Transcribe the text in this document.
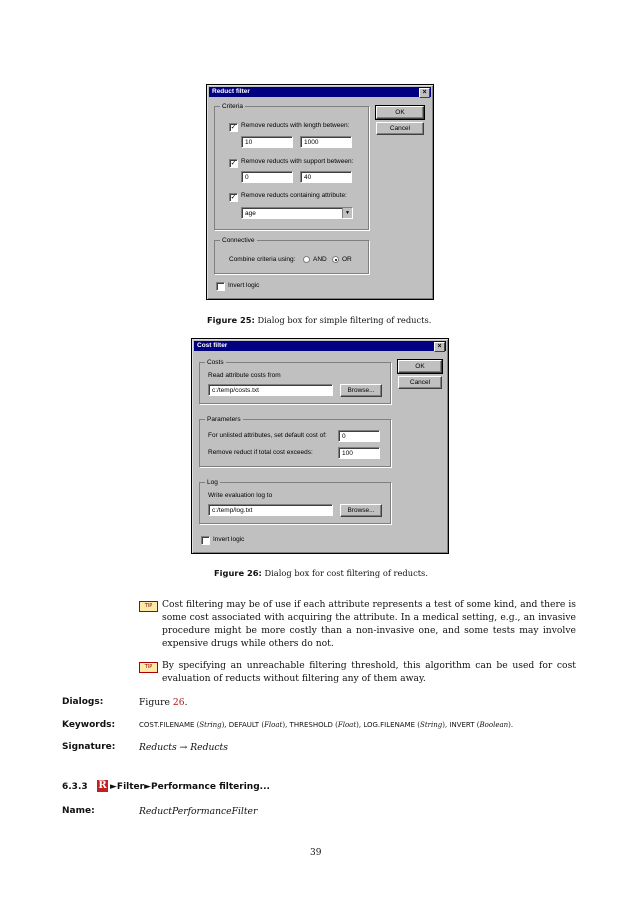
Reduct filter	×
Criteria
✓ Remove reducts with length between:
10	1000
✓ Remove reducts with support between:
0	40
✓ Remove reducts containing attribute:
age	▼
Connective
Combine criteria using:	AND OR
Invert logic
OK
Cancel
Figure 25: Dialog box for simple filtering of reducts.
Cost filter	×
Costs
Read attribute costs from
c:/temp/costs.txt	Browse...
Parameters
For unlisted attributes, set default cost of:	0
Remove reduct if total cost exceeds:	100
Log
Write evaluation log to
c:/temp/log.txt	Browse...
Invert logic
OK
Cancel
Figure 26: Dialog box for cost filtering of reducts.
TIP	Cost filtering may be of use if each attribute represents a test of some kind, and there is some cost associated with acquiring the attribute. In a medical setting, e.g., an invasive procedure might be more costly than a non-invasive one, and some tests may involve expensive drugs while others do not.
TIP	By specifying an unreachable filtering threshold, this algorithm can be used for cost evaluation of reducts without filtering any of them away.
Dialogs:	Figure 26.
Keywords:	COST.FILENAME (String), DEFAULT (Float), THRESHOLD (Float), LOG.FILENAME (String), INVERT (Boolean).
Signature:	Reducts → Reducts
6.3.3 R ►Filter►Performance filtering...
Name:	ReductPerformanceFilter
39
